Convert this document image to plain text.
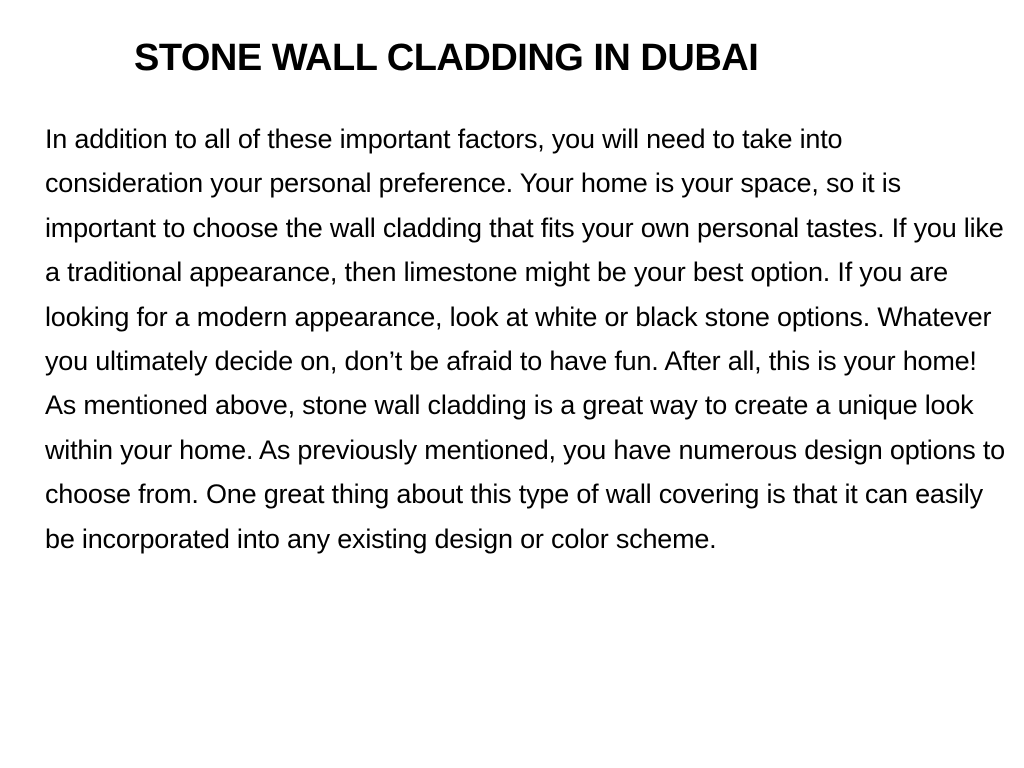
STONE WALL CLADDING IN DUBAI

In addition to all of these important factors, you will need to take into consideration your personal preference. Your home is your space, so it is important to choose the wall cladding that fits your own personal tastes. If you like a traditional appearance, then limestone might be your best option. If you are looking for a modern appearance, look at white or black stone options. Whatever you ultimately decide on, don’t be afraid to have fun. After all, this is your home!

As mentioned above, stone wall cladding is a great way to create a unique look within your home. As previously mentioned, you have numerous design options to choose from. One great thing about this type of wall covering is that it can easily be incorporated into any existing design or color scheme.
